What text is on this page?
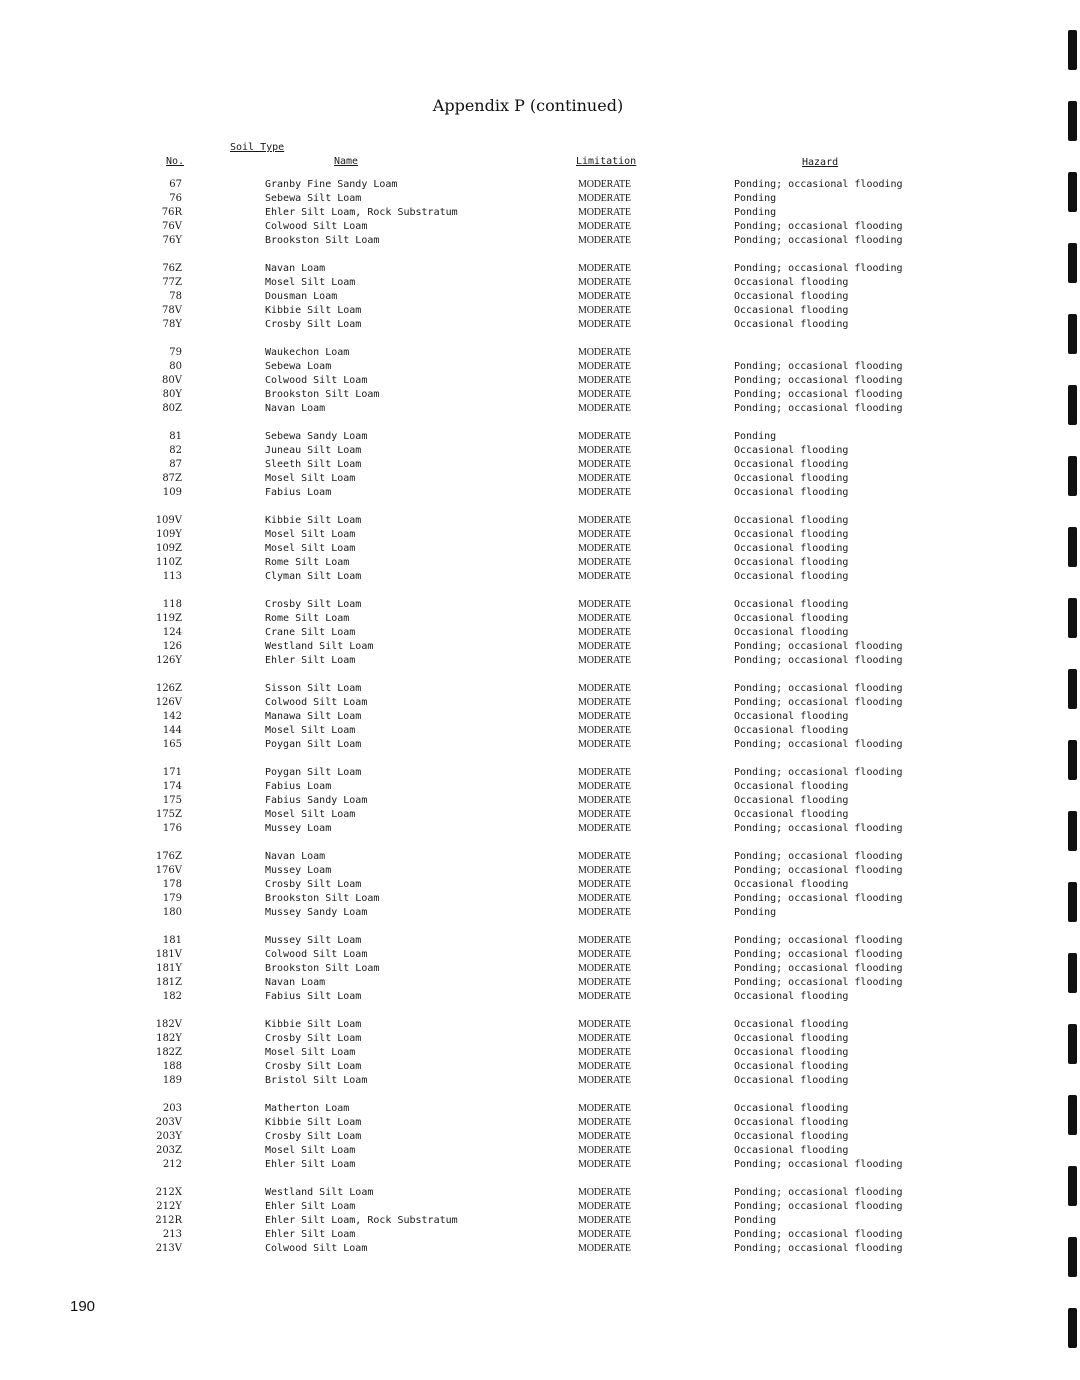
Appendix P (continued)
Soil Type
No.	Name	Limitation	Hazard
67	Granby Fine Sandy Loam	MODERATE	Ponding; occasional flooding
76	Sebewa Silt Loam	MODERATE	Ponding
76R	Ehler Silt Loam, Rock Substratum	MODERATE	Ponding
76V	Colwood Silt Loam	MODERATE	Ponding; occasional flooding
76Y	Brookston Silt Loam	MODERATE	Ponding; occasional flooding
76Z	Navan Loam	MODERATE	Ponding; occasional flooding
77Z	Mosel Silt Loam	MODERATE	Occasional flooding
78	Dousman Loam	MODERATE	Occasional flooding
78V	Kibbie Silt Loam	MODERATE	Occasional flooding
78Y	Crosby Silt Loam	MODERATE	Occasional flooding
79	Waukechon Loam	MODERATE
80	Sebewa Loam	MODERATE	Ponding; occasional flooding
80V	Colwood Silt Loam	MODERATE	Ponding; occasional flooding
80Y	Brookston Silt Loam	MODERATE	Ponding; occasional flooding
80Z	Navan Loam	MODERATE	Ponding; occasional flooding
81	Sebewa Sandy Loam	MODERATE	Ponding
82	Juneau Silt Loam	MODERATE	Occasional flooding
87	Sleeth Silt Loam	MODERATE	Occasional flooding
87Z	Mosel Silt Loam	MODERATE	Occasional flooding
109	Fabius Loam	MODERATE	Occasional flooding
109V	Kibbie Silt Loam	MODERATE	Occasional flooding
109Y	Mosel Silt Loam	MODERATE	Occasional flooding
109Z	Mosel Silt Loam	MODERATE	Occasional flooding
110Z	Rome Silt Loam	MODERATE	Occasional flooding
113	Clyman Silt Loam	MODERATE	Occasional flooding
118	Crosby Silt Loam	MODERATE	Occasional flooding
119Z	Rome Silt Loam	MODERATE	Occasional flooding
124	Crane Silt Loam	MODERATE	Occasional flooding
126	Westland Silt Loam	MODERATE	Ponding; occasional flooding
126Y	Ehler Silt Loam	MODERATE	Ponding; occasional flooding
126Z	Sisson Silt Loam	MODERATE	Ponding; occasional flooding
126V	Colwood Silt Loam	MODERATE	Ponding; occasional flooding
142	Manawa Silt Loam	MODERATE	Occasional flooding
144	Mosel Silt Loam	MODERATE	Occasional flooding
165	Poygan Silt Loam	MODERATE	Ponding; occasional flooding
171	Poygan Silt Loam	MODERATE	Ponding; occasional flooding
174	Fabius Loam	MODERATE	Occasional flooding
175	Fabius Sandy Loam	MODERATE	Occasional flooding
175Z	Mosel Silt Loam	MODERATE	Occasional flooding
176	Mussey Loam	MODERATE	Ponding; occasional flooding
176Z	Navan Loam	MODERATE	Ponding; occasional flooding
176V	Mussey Loam	MODERATE	Ponding; occasional flooding
178	Crosby Silt Loam	MODERATE	Occasional flooding
179	Brookston Silt Loam	MODERATE	Ponding; occasional flooding
180	Mussey Sandy Loam	MODERATE	Ponding
181	Mussey Silt Loam	MODERATE	Ponding; occasional flooding
181V	Colwood Silt Loam	MODERATE	Ponding; occasional flooding
181Y	Brookston Silt Loam	MODERATE	Ponding; occasional flooding
181Z	Navan Loam	MODERATE	Ponding; occasional flooding
182	Fabius Silt Loam	MODERATE	Occasional flooding
182V	Kibbie Silt Loam	MODERATE	Occasional flooding
182Y	Crosby Silt Loam	MODERATE	Occasional flooding
182Z	Mosel Silt Loam	MODERATE	Occasional flooding
188	Crosby Silt Loam	MODERATE	Occasional flooding
189	Bristol Silt Loam	MODERATE	Occasional flooding
203	Matherton Loam	MODERATE	Occasional flooding
203V	Kibbie Silt Loam	MODERATE	Occasional flooding
203Y	Crosby Silt Loam	MODERATE	Occasional flooding
203Z	Mosel Silt Loam	MODERATE	Occasional flooding
212	Ehler Silt Loam	MODERATE	Ponding; occasional flooding
212X	Westland Silt Loam	MODERATE	Ponding; occasional flooding
212Y	Ehler Silt Loam	MODERATE	Ponding; occasional flooding
212R	Ehler Silt Loam, Rock Substratum	MODERATE	Ponding
213	Ehler Silt Loam	MODERATE	Ponding; occasional flooding
213V	Colwood Silt Loam	MODERATE	Ponding; occasional flooding
190
